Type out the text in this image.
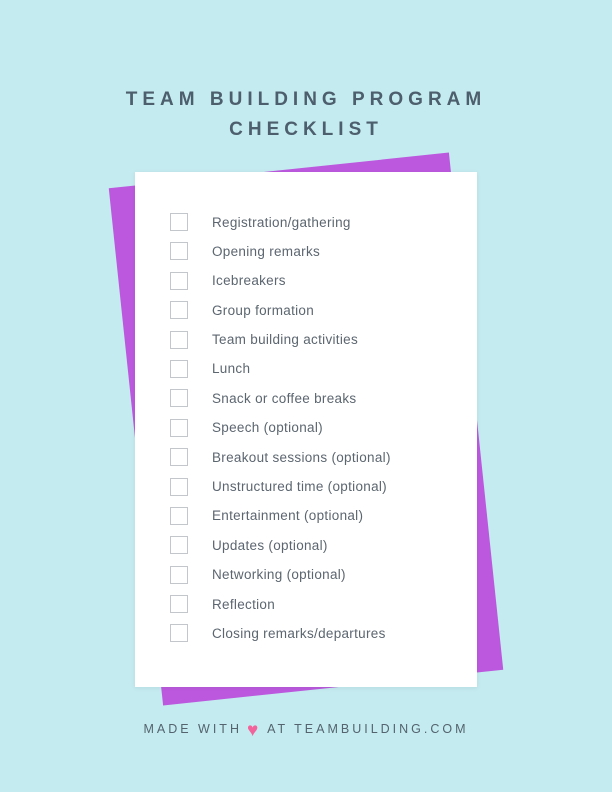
TEAM BUILDING PROGRAM
CHECKLIST
Registration/gathering
Opening remarks
Icebreakers
Group formation
Team building activities
Lunch
Snack or coffee breaks
Speech (optional)
Breakout sessions (optional)
Unstructured time (optional)
Entertainment (optional)
Updates (optional)
Networking (optional)
Reflection
Closing remarks/departures
MADE WITH ♥ AT TEAMBUILDING.COM
